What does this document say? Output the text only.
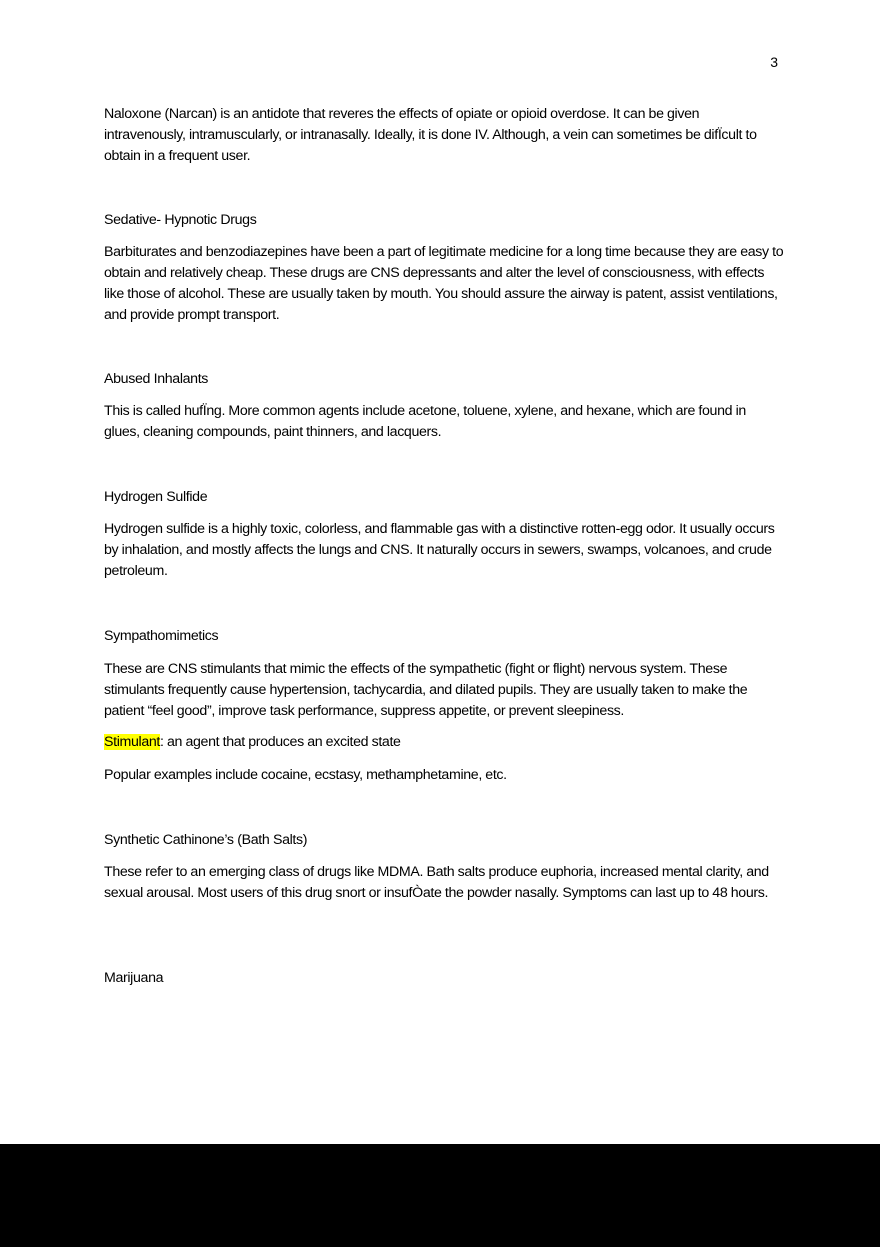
3

Naloxone (Narcan) is an antidote that reveres the effects of opiate or opioid overdose. It can be given intravenously, intramuscularly, or intranasally. Ideally, it is done IV. Although, a vein can sometimes be difÏcult to obtain in a frequent user.

Sedative- Hypnotic Drugs

Barbiturates and benzodiazepines have been a part of legitimate medicine for a long time because they are easy to obtain and relatively cheap. These drugs are CNS depressants and alter the level of consciousness, with effects like those of alcohol. These are usually taken by mouth. You should assure the airway is patent, assist ventilations, and provide prompt transport.

Abused Inhalants

This is called hufÏng. More common agents include acetone, toluene, xylene, and hexane, which are found in glues, cleaning compounds, paint thinners, and lacquers.

Hydrogen Sulfide

Hydrogen sulfide is a highly toxic, colorless, and flammable gas with a distinctive rotten-egg odor. It usually occurs by inhalation, and mostly affects the lungs and CNS. It naturally occurs in sewers, swamps, volcanoes, and crude petroleum.

Sympathomimetics

These are CNS stimulants that mimic the effects of the sympathetic (fight or flight) nervous system. These stimulants frequently cause hypertension, tachycardia, and dilated pupils. They are usually taken to make the patient “feel good”, improve task performance, suppress appetite, or prevent sleepiness.

Stimulant: an agent that produces an excited state

Popular examples include cocaine, ecstasy, methamphetamine, etc.

Synthetic Cathinone’s (Bath Salts)

These refer to an emerging class of drugs like MDMA. Bath salts produce euphoria, increased mental clarity, and sexual arousal. Most users of this drug snort or insufÒate the powder nasally. Symptoms can last up to 48 hours.

Marijuana
